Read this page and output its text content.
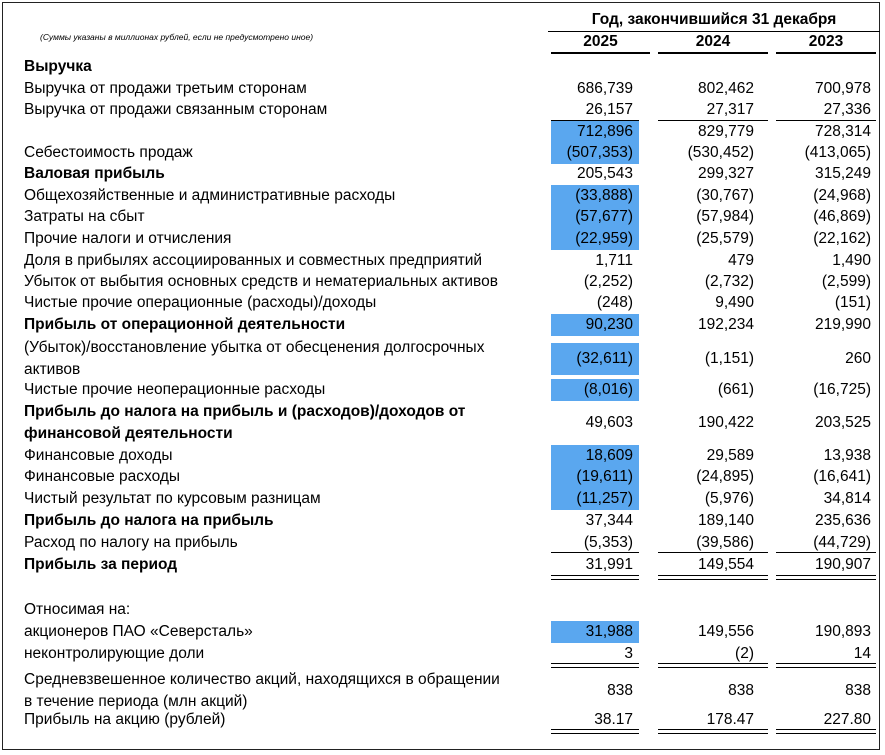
Год, закончившийся 31 декабря
(Суммы указаны в миллионах рублей, если не предусмотрено иное)	2025	2024	2023
Выручка
Выручка от продажи третьим сторонам	686,739	802,462	700,978
Выручка от продажи связанным сторонам	26,157	27,317	27,336
712,896	829,779	728,314
Себестоимость продаж	(507,353)	(530,452)	(413,065)
Валовая прибыль	205,543	299,327	315,249
Общехозяйственные и административные расходы	(33,888)	(30,767)	(24,968)
Затраты на сбыт	(57,677)	(57,984)	(46,869)
Прочие налоги и отчисления	(22,959)	(25,579)	(22,162)
Доля в прибылях ассоциированных и совместных предприятий	1,711	479	1,490
Убыток от выбытия основных средств и нематериальных активов	(2,252)	(2,732)	(2,599)
Чистые прочие операционные (расходы)/доходы	(248)	9,490	(151)
Прибыль от операционной деятельности	90,230	192,234	219,990
(Убыток)/восстановление убытка от обесценения долгосрочных
активов
(32,611)	(1,151)	260
Чистые прочие неоперационные расходы	(8,016)	(661)	(16,725)
Прибыль до налога на прибыль и (расходов)/доходов от
финансовой деятельности
49,603	190,422	203,525
Финансовые доходы	18,609	29,589	13,938
Финансовые расходы	(19,611)	(24,895)	(16,641)
Чистый результат по курсовым разницам	(11,257)	(5,976)	34,814
Прибыль до налога на прибыль	37,344	189,140	235,636
Расход по налогу на прибыль	(5,353)	(39,586)	(44,729)
Прибыль за период	31,991	149,554	190,907
Относимая на:
акционеров ПАО «Северсталь»	31,988	149,556	190,893
неконтролирующие доли	3	(2)	14
Средневзвешенное количество акций, находящихся в обращении
в течение периода (млн акций)
838	838	838
Прибыль на акцию (рублей)	38.17	178.47	227.80
